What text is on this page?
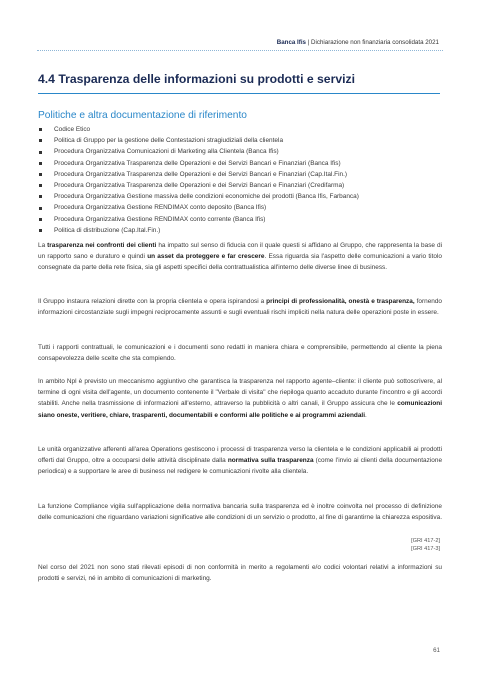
Banca Ifis | Dichiarazione non finanziaria consolidata 2021
4.4 Trasparenza delle informazioni su prodotti e servizi
Politiche e altra documentazione di riferimento
Codice Etico
Politica di Gruppo per la gestione delle Contestazioni stragiudiziali della clientela
Procedura Organizzativa Comunicazioni di Marketing alla Clientela (Banca Ifis)
Procedura Organizzativa Trasparenza delle Operazioni e dei Servizi Bancari e Finanziari (Banca Ifis)
Procedura Organizzativa Trasparenza delle Operazioni e dei Servizi Bancari e Finanziari (Cap.Ital.Fin.)
Procedura Organizzativa Trasparenza delle Operazioni e dei Servizi Bancari e Finanziari (Credifarma)
Procedura Organizzativa Gestione massiva delle condizioni economiche dei prodotti (Banca Ifis, Farbanca)
Procedura Organizzativa Gestione RENDIMAX conto deposito (Banca Ifis)
Procedura Organizzativa Gestione RENDIMAX conto corrente (Banca Ifis)
Politica di distribuzione (Cap.Ital.Fin.)

La trasparenza nei confronti dei clienti ha impatto sul senso di fiducia con il quale questi si affidano al Gruppo, che rappresenta la base di un rapporto sano e duraturo e quindi un asset da proteggere e far crescere. Essa riguarda sia l'aspetto delle comunicazioni a vario titolo consegnate da parte della rete fisica, sia gli aspetti specifici della contrattualistica all'interno delle diverse linee di business.

Il Gruppo instaura relazioni dirette con la propria clientela e opera ispirandosi a principi di professionalità, onestà e trasparenza, fornendo informazioni circostanziate sugli impegni reciprocamente assunti e sugli eventuali rischi impliciti nella natura delle operazioni poste in essere.

Tutti i rapporti contrattuali, le comunicazioni e i documenti sono redatti in maniera chiara e comprensibile, permettendo al cliente la piena consapevolezza delle scelte che sta compiendo.

In ambito Npl è previsto un meccanismo aggiuntivo che garantisca la trasparenza nel rapporto agente–cliente: il cliente può sottoscrivere, al termine di ogni visita dell'agente, un documento contenente il "Verbale di visita" che riepiloga quanto accaduto durante l'incontro e gli accordi stabiliti. Anche nella trasmissione di informazioni all'esterno, attraverso la pubblicità o altri canali, il Gruppo assicura che le comunicazioni siano oneste, veritiere, chiare, trasparenti, documentabili e conformi alle politiche e ai programmi aziendali.

Le unità organizzative afferenti all'area Operations gestiscono i processi di trasparenza verso la clientela e le condizioni applicabili ai prodotti offerti dal Gruppo, oltre a occuparsi delle attività disciplinate dalla normativa sulla trasparenza (come l'invio ai clienti della documentazione periodica) e a supportare le aree di business nel redigere le comunicazioni rivolte alla clientela.

La funzione Compliance vigila sull'applicazione della normativa bancaria sulla trasparenza ed è inoltre coinvolta nel processo di definizione delle comunicazioni che riguardano variazioni significative alle condizioni di un servizio o prodotto, al fine di garantirne la chiarezza espositiva.

[GRI 417-2]
[GRI 417-3]

Nel corso del 2021 non sono stati rilevati episodi di non conformità in merito a regolamenti e/o codici volontari relativi a informazioni su prodotti e servizi, né in ambito di comunicazioni di marketing.

61
